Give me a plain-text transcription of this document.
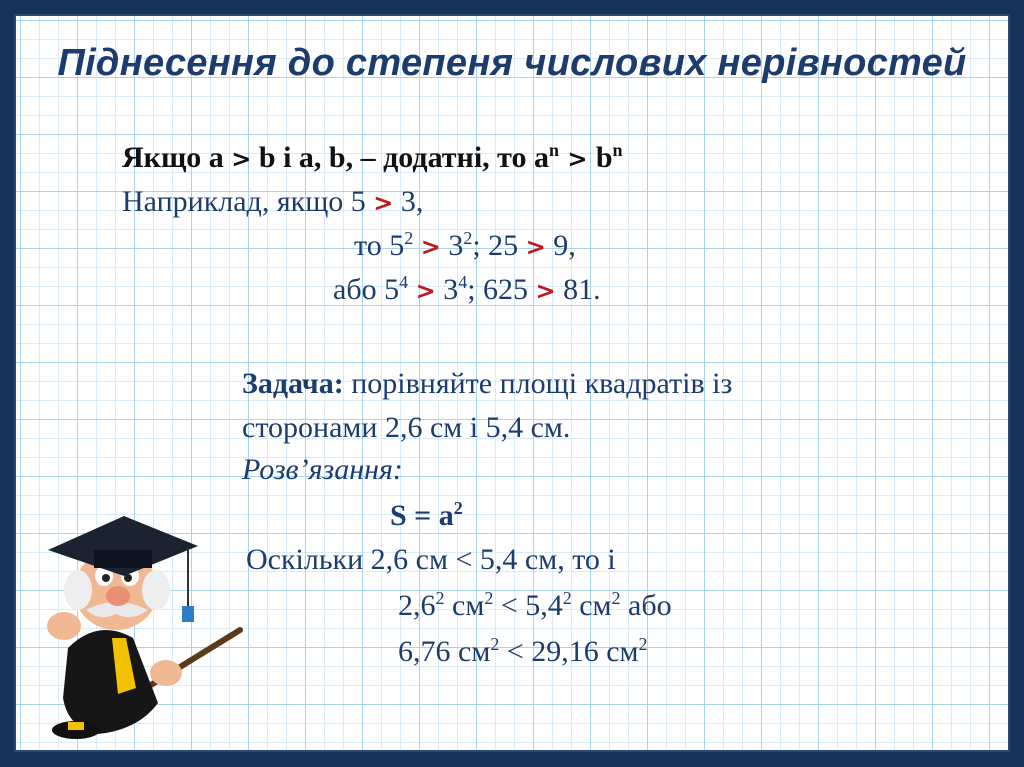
Піднесення до степеня числових нерівностей
Якщо a > b і a, b, – додатні, то $a^n > b^n$
Наприклад, якщо 5 > 3,
то $5^2 > 3^2$; 25 > 9,
або $5^4 > 3^4$; 625 > 81.
Задача: порівняйте площі квадратів із
сторонами 2,6 см і 5,4 см.
Розв’язання:
$S = a^2$
Оскільки 2,6 см < 5,4 см, то і
$2,6^2$ $см^2 < 5,4^2$ $см^2$ або
6,76 $см^2 < 29,16$ $см^2$
